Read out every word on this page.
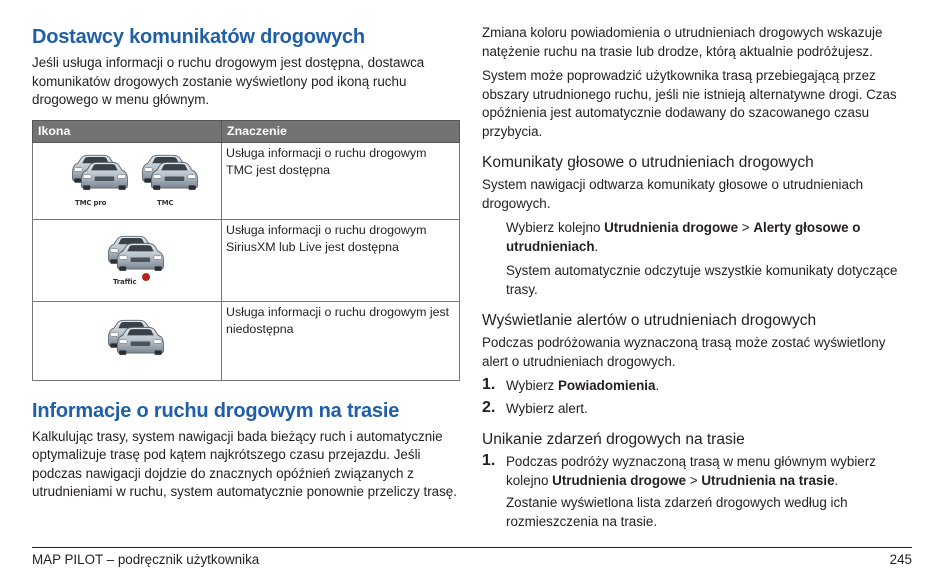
Dostawcy komunikatów drogowych

Jeśli usługa informacji o ruchu drogowym jest dostępna, dostawca komunikatów drogowych zostanie wyświetlony pod ikoną ruchu drogowego w menu głównym.

Ikona	Znaczenie

TMC pro TMC	Usługa informacji o ruchu drogowym TMC jest dostępna

Traffic	Usługa informacji o ruchu drogowym SiriusXM lub Live jest dostępna

	Usługa informacji o ruchu drogowym jest niedostępna
Informacje o ruchu drogowym na trasie

Kalkulując trasy, system nawigacji bada bieżący ruch i automatycznie optymalizuje trasę pod kątem najkrótszego czasu przejazdu. Jeśli podczas nawigacji dojdzie do znacznych opóźnień związanych z utrudnieniami w ruchu, system automatycznie ponownie przeliczy trasę.

Zmiana koloru powiadomienia o utrudnieniach drogowych wskazuje natężenie ruchu na trasie lub drodze, którą aktualnie podróżujesz.

System może poprowadzić użytkownika trasą przebiegającą przez obszary utrudnionego ruchu, jeśli nie istnieją alternatywne drogi. Czas opóźnienia jest automatycznie dodawany do szacowanego czasu przybycia.

Komunikaty głosowe o utrudnieniach drogowych

System nawigacji odtwarza komunikaty głosowe o utrudnieniach drogowych.

Wybierz kolejno Utrudnienia drogowe > Alerty głosowe o utrudnieniach.

System automatycznie odczytuje wszystkie komunikaty dotyczące trasy.

Wyświetlanie alertów o utrudnieniach drogowych

Podczas podróżowania wyznaczoną trasą może zostać wyświetlony alert o utrudnieniach drogowych.

1. Wybierz Powiadomienia.

2. Wybierz alert.

Unikanie zdarzeń drogowych na trasie
1. Podczas podróży wyznaczoną trasą w menu głównym wybierz kolejno Utrudnienia drogowe > Utrudnienia na trasie.

Zostanie wyświetlona lista zdarzeń drogowych według ich rozmieszczenia na trasie.

MAP PILOT – podręcznik użytkownika	245
